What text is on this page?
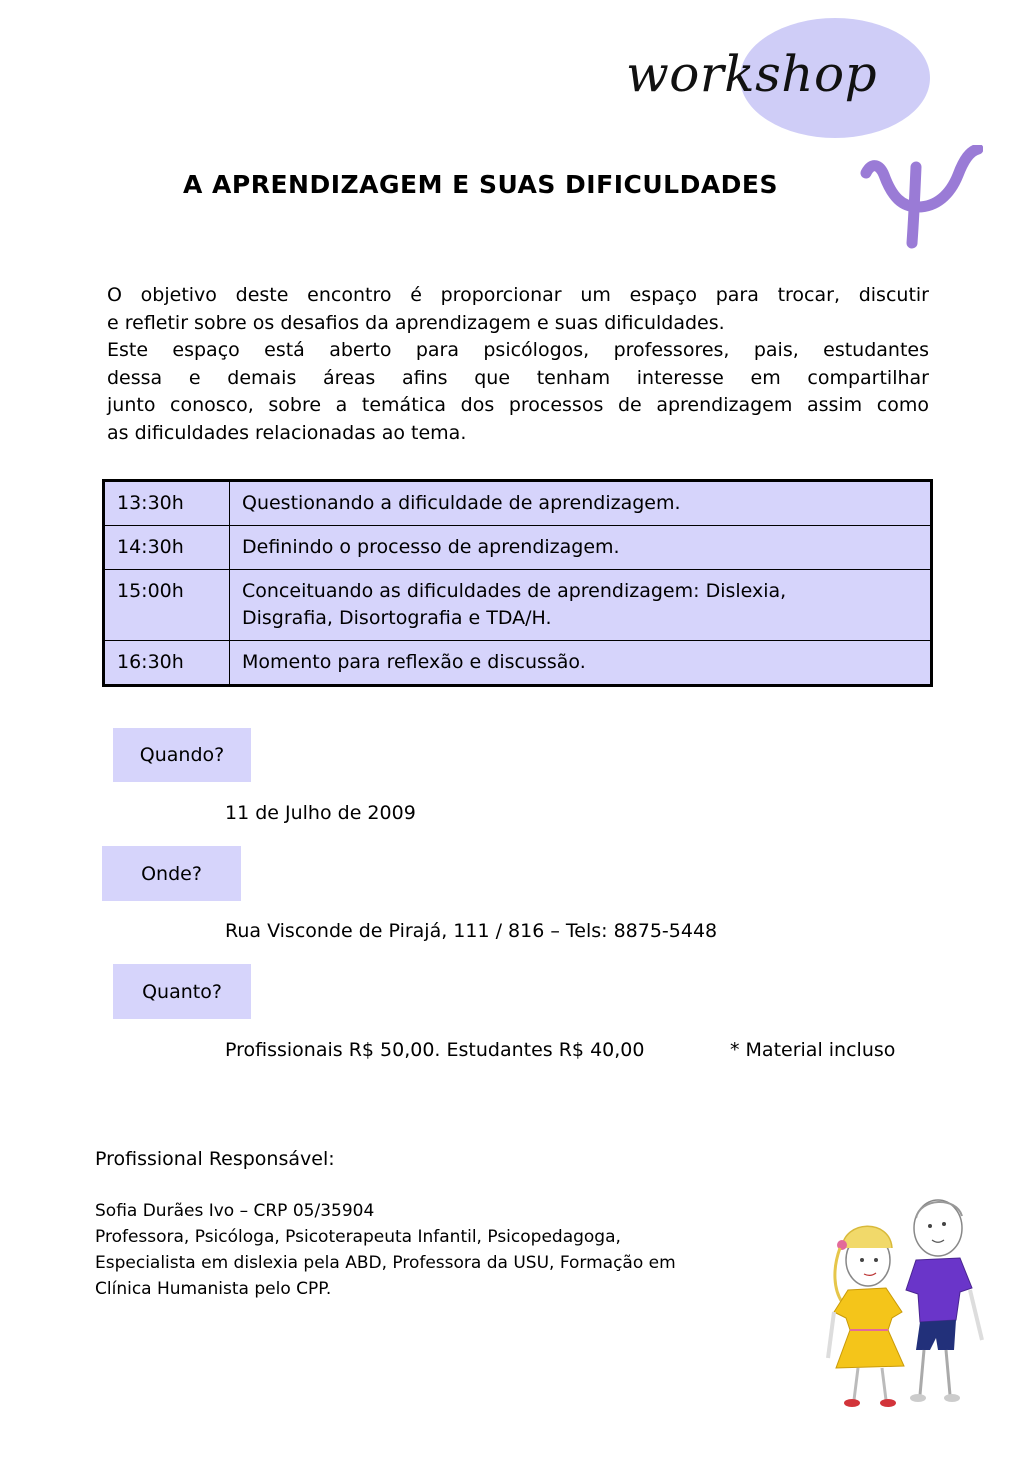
workshop
A APRENDIZAGEM E SUAS DIFICULDADES

O objetivo deste encontro é proporcionar um espaço para trocar, discutir

e refletir sobre os desafios da aprendizagem e suas dificuldades.

Este espaço está aberto para psicólogos, professores, pais, estudantes

dessa e demais áreas afins que tenham interesse em compartilhar

junto conosco, sobre a temática dos processos de aprendizagem assim como

as dificuldades relacionadas ao tema.

13:30h	Questionando a dificuldade de aprendizagem.
14:30h	Definindo o processo de aprendizagem.
15:00h	Conceituando as dificuldades de aprendizagem: Dislexia,
Disgrafia, Disortografia e TDA/H.

16:30h	Momento para reflexão e discussão.
Quando?
11 de Julho de 2009
Onde?
Rua Visconde de Pirajá, 111 / 816 – Tels: 8875-5448
Quanto?
Profissionais R$ 50,00. Estudantes R$ 40,00	* Material incluso
Profissional Responsável:
Sofia Durães Ivo – CRP 05/35904
Professora, Psicóloga, Psicoterapeuta Infantil, Psicopedagoga,
Especialista em dislexia pela ABD, Professora da USU, Formação em
Clínica Humanista pelo CPP.
